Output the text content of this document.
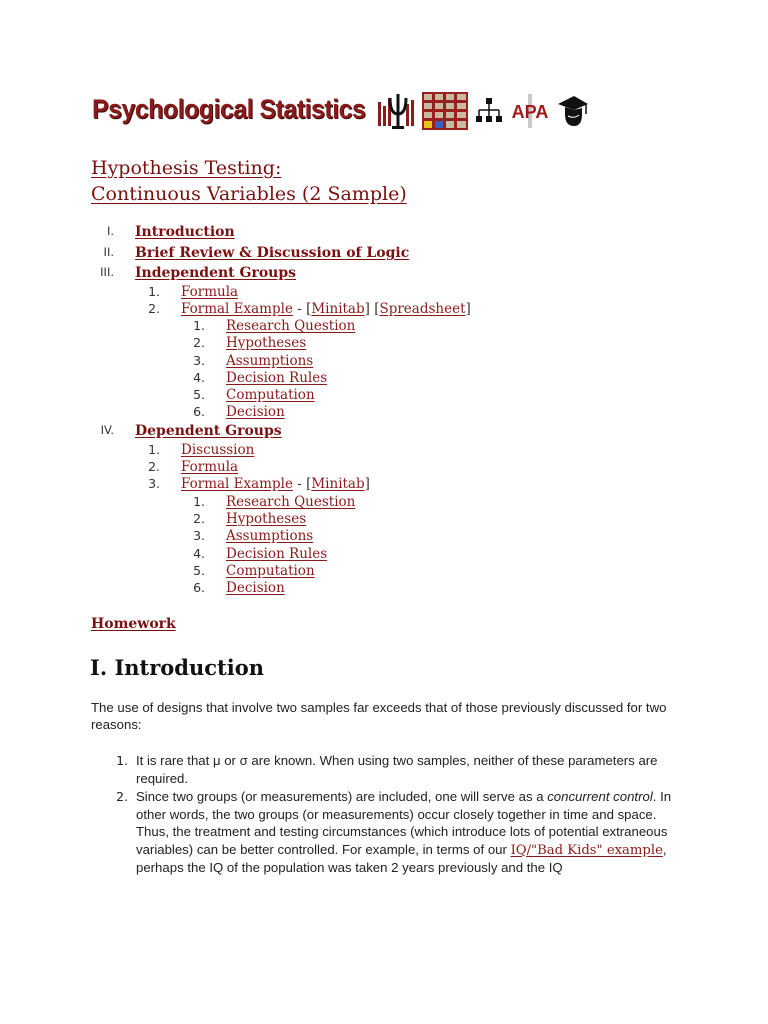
Psychological Statistics	APA
Hypothesis Testing:
Continuous Variables (2 Sample)
I. Introduction
II. Brief Review & Discussion of Logic
III. Independent Groups
1. Formula
2. Formal Example - [Minitab] [Spreadsheet]
1. Research Question
2. Hypotheses
3. Assumptions
4. Decision Rules
5. Computation
6. Decision
IV. Dependent Groups
1. Discussion
2. Formula
3. Formal Example - [Minitab]
1. Research Question
2. Hypotheses
3. Assumptions
4. Decision Rules
5. Computation
6. Decision
Homework
I. Introduction

The use of designs that involve two samples far exceeds that of those previously discussed for two reasons:

1. It is rare that μ or σ are known. When using two samples, neither of these parameters are required.
2. Since two groups (or measurements) are included, one will serve as a concurrent control. In other words, the two groups (or measurements) occur closely together in time and space. Thus, the treatment and testing circumstances (which introduce lots of potential extraneous variables) can be better controlled. For example, in terms of our IQ/"Bad Kids" example, perhaps the IQ of the population was taken 2 years previously and the IQ
